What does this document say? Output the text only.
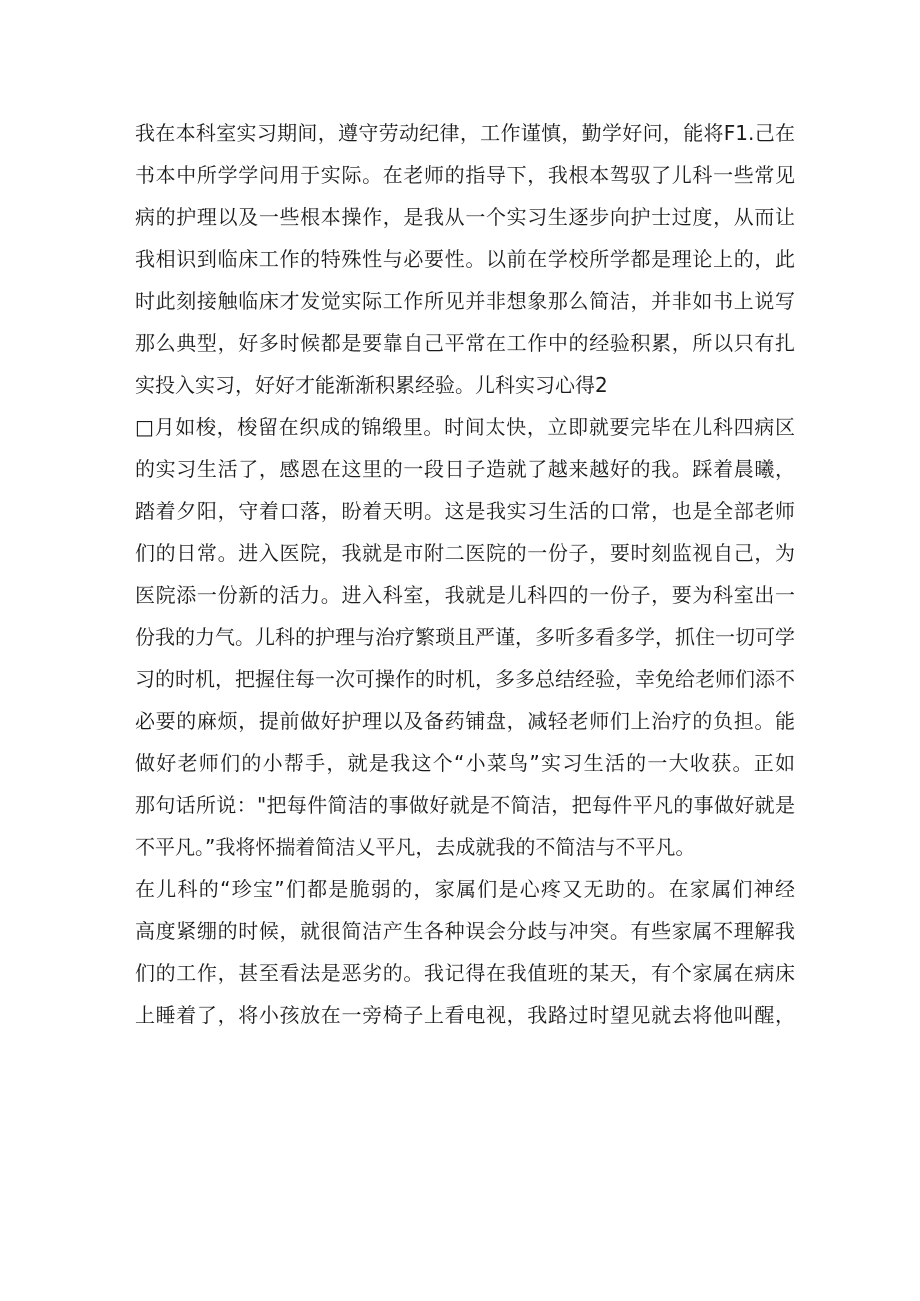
我在本科室实习期间，遵守劳动纪律，工作谨慎，勤学好问，能将F1.己在
书本中所学学问用于实际。在老师的指导下，我根本驾驭了儿科一些常见
病的护理以及一些根本操作，是我从一个实习生逐步向护士过度，从而让
我相识到临床工作的特殊性与必要性。以前在学校所学都是理论上的，此
时此刻接触临床才发觉实际工作所见并非想象那么简洁，并非如书上说写
那么典型，好多时候都是要靠自己平常在工作中的经验积累，所以只有扎
实投入实习，好好才能渐渐积累经验。儿科实习心得2
□月如梭，梭留在织成的锦缎里。时间太快，立即就要完毕在儿科四病区
的实习生活了，感恩在这里的一段日子造就了越来越好的我。踩着晨曦，
踏着夕阳，守着口落，盼着天明。这是我实习生活的口常，也是全部老师
们的日常。进入医院，我就是市附二医院的一份子，要时刻监视自己，为
医院添一份新的活力。进入科室，我就是儿科四的一份子，要为科室出一
份我的力气。儿科的护理与治疗繁琐且严谨，多听多看多学，抓住一切可学
习的时机，把握住每一次可操作的时机，多多总结经验，幸免给老师们添不
必要的麻烦，提前做好护理以及备药铺盘，减轻老师们上治疗的负担。能
做好老师们的小帮手，就是我这个“小菜鸟”实习生活的一大收获。正如
那句话所说："把每件简洁的事做好就是不简洁，把每件平凡的事做好就是
不平凡。”我将怀揣着简洁乂平凡，去成就我的不简洁与不平凡。
在儿科的“珍宝”们都是脆弱的，家属们是心疼又无助的。在家属们神经
高度紧绷的时候，就很简洁产生各种误会分歧与冲突。有些家属不理解我
们的工作，甚至看法是恶劣的。我记得在我值班的某天，有个家属在病床
上睡着了，将小孩放在一旁椅子上看电视，我路过时望见就去将他叫醒，
